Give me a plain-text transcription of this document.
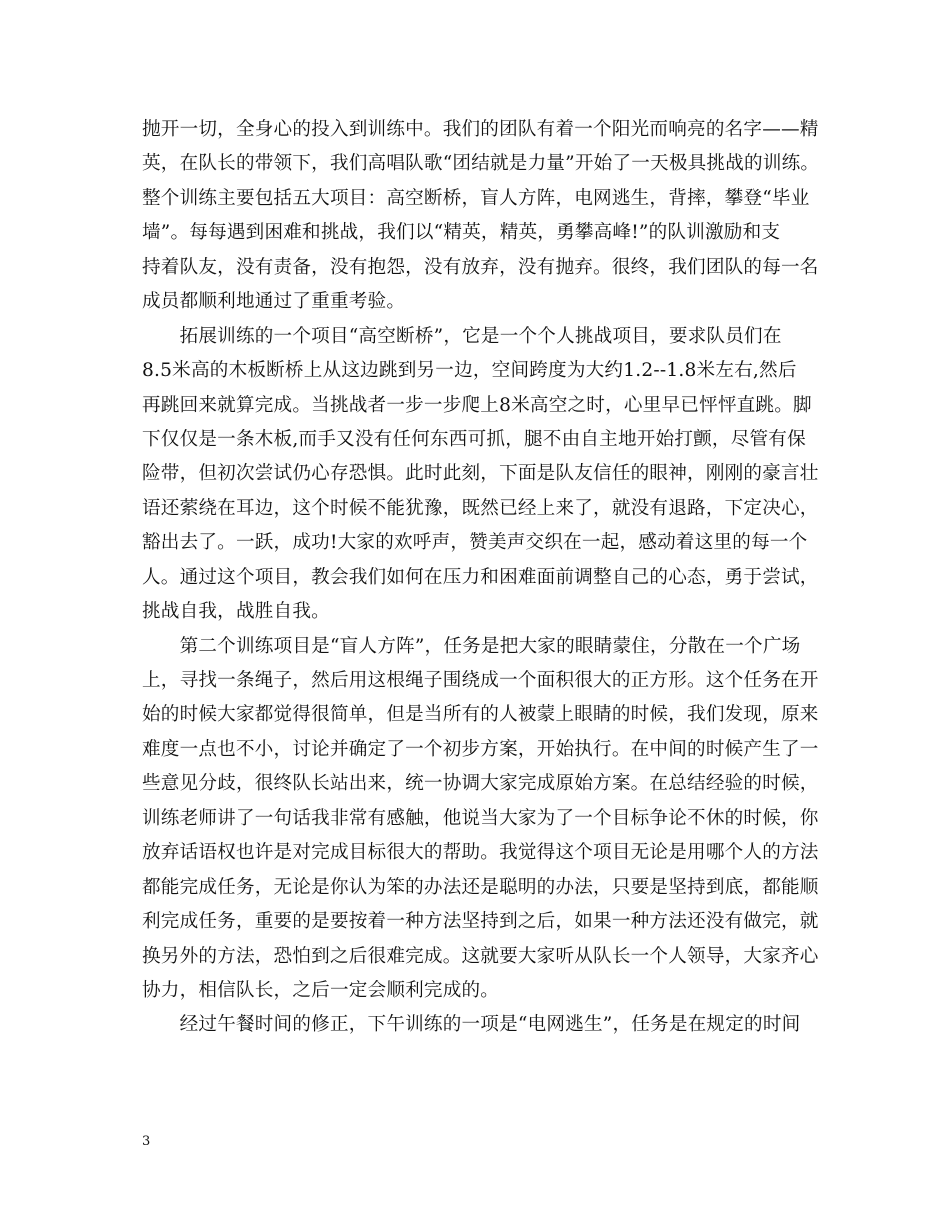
抛开一切，全身心的投入到训练中。我们的团队有着一个阳光而响亮的名字——精
英，在队长的带领下，我们高唱队歌“团结就是力量”开始了一天极具挑战的训练。
整个训练主要包括五大项目：高空断桥，盲人方阵，电网逃生，背摔，攀登“毕业
墙”。每每遇到困难和挑战，我们以“精英，精英，勇攀高峰!”的队训激励和支
持着队友，没有责备，没有抱怨，没有放弃，没有抛弃。很终，我们团队的每一名
成员都顺利地通过了重重考验。
　　拓展训练的一个项目“高空断桥”，它是一个个人挑战项目，要求队员们在
8.5米高的木板断桥上从这边跳到另一边，空间跨度为大约1.2--1.8米左右,然后
再跳回来就算完成。当挑战者一步一步爬上8米高空之时，心里早已怦怦直跳。脚
下仅仅是一条木板,而手又没有任何东西可抓，腿不由自主地开始打颤，尽管有保
险带，但初次尝试仍心存恐惧。此时此刻，下面是队友信任的眼神，刚刚的豪言壮
语还萦绕在耳边，这个时候不能犹豫，既然已经上来了，就没有退路，下定决心，
豁出去了。一跃，成功!大家的欢呼声，赞美声交织在一起，感动着这里的每一个
人。通过这个项目，教会我们如何在压力和困难面前调整自己的心态，勇于尝试，
挑战自我，战胜自我。
　　第二个训练项目是“盲人方阵”，任务是把大家的眼睛蒙住，分散在一个广场
上，寻找一条绳子，然后用这根绳子围绕成一个面积很大的正方形。这个任务在开
始的时候大家都觉得很简单，但是当所有的人被蒙上眼睛的时候，我们发现，原来
难度一点也不小，讨论并确定了一个初步方案，开始执行。在中间的时候产生了一
些意见分歧，很终队长站出来，统一协调大家完成原始方案。在总结经验的时候，
训练老师讲了一句话我非常有感触，他说当大家为了一个目标争论不休的时候，你
放弃话语权也许是对完成目标很大的帮助。我觉得这个项目无论是用哪个人的方法
都能完成任务，无论是你认为笨的办法还是聪明的办法，只要是坚持到底，都能顺
利完成任务，重要的是要按着一种方法坚持到之后，如果一种方法还没有做完，就
换另外的方法，恐怕到之后很难完成。这就要大家听从队长一个人领导，大家齐心
协力，相信队长，之后一定会顺利完成的。
　　经过午餐时间的修正，下午训练的一项是“电网逃生”，任务是在规定的时间
3
